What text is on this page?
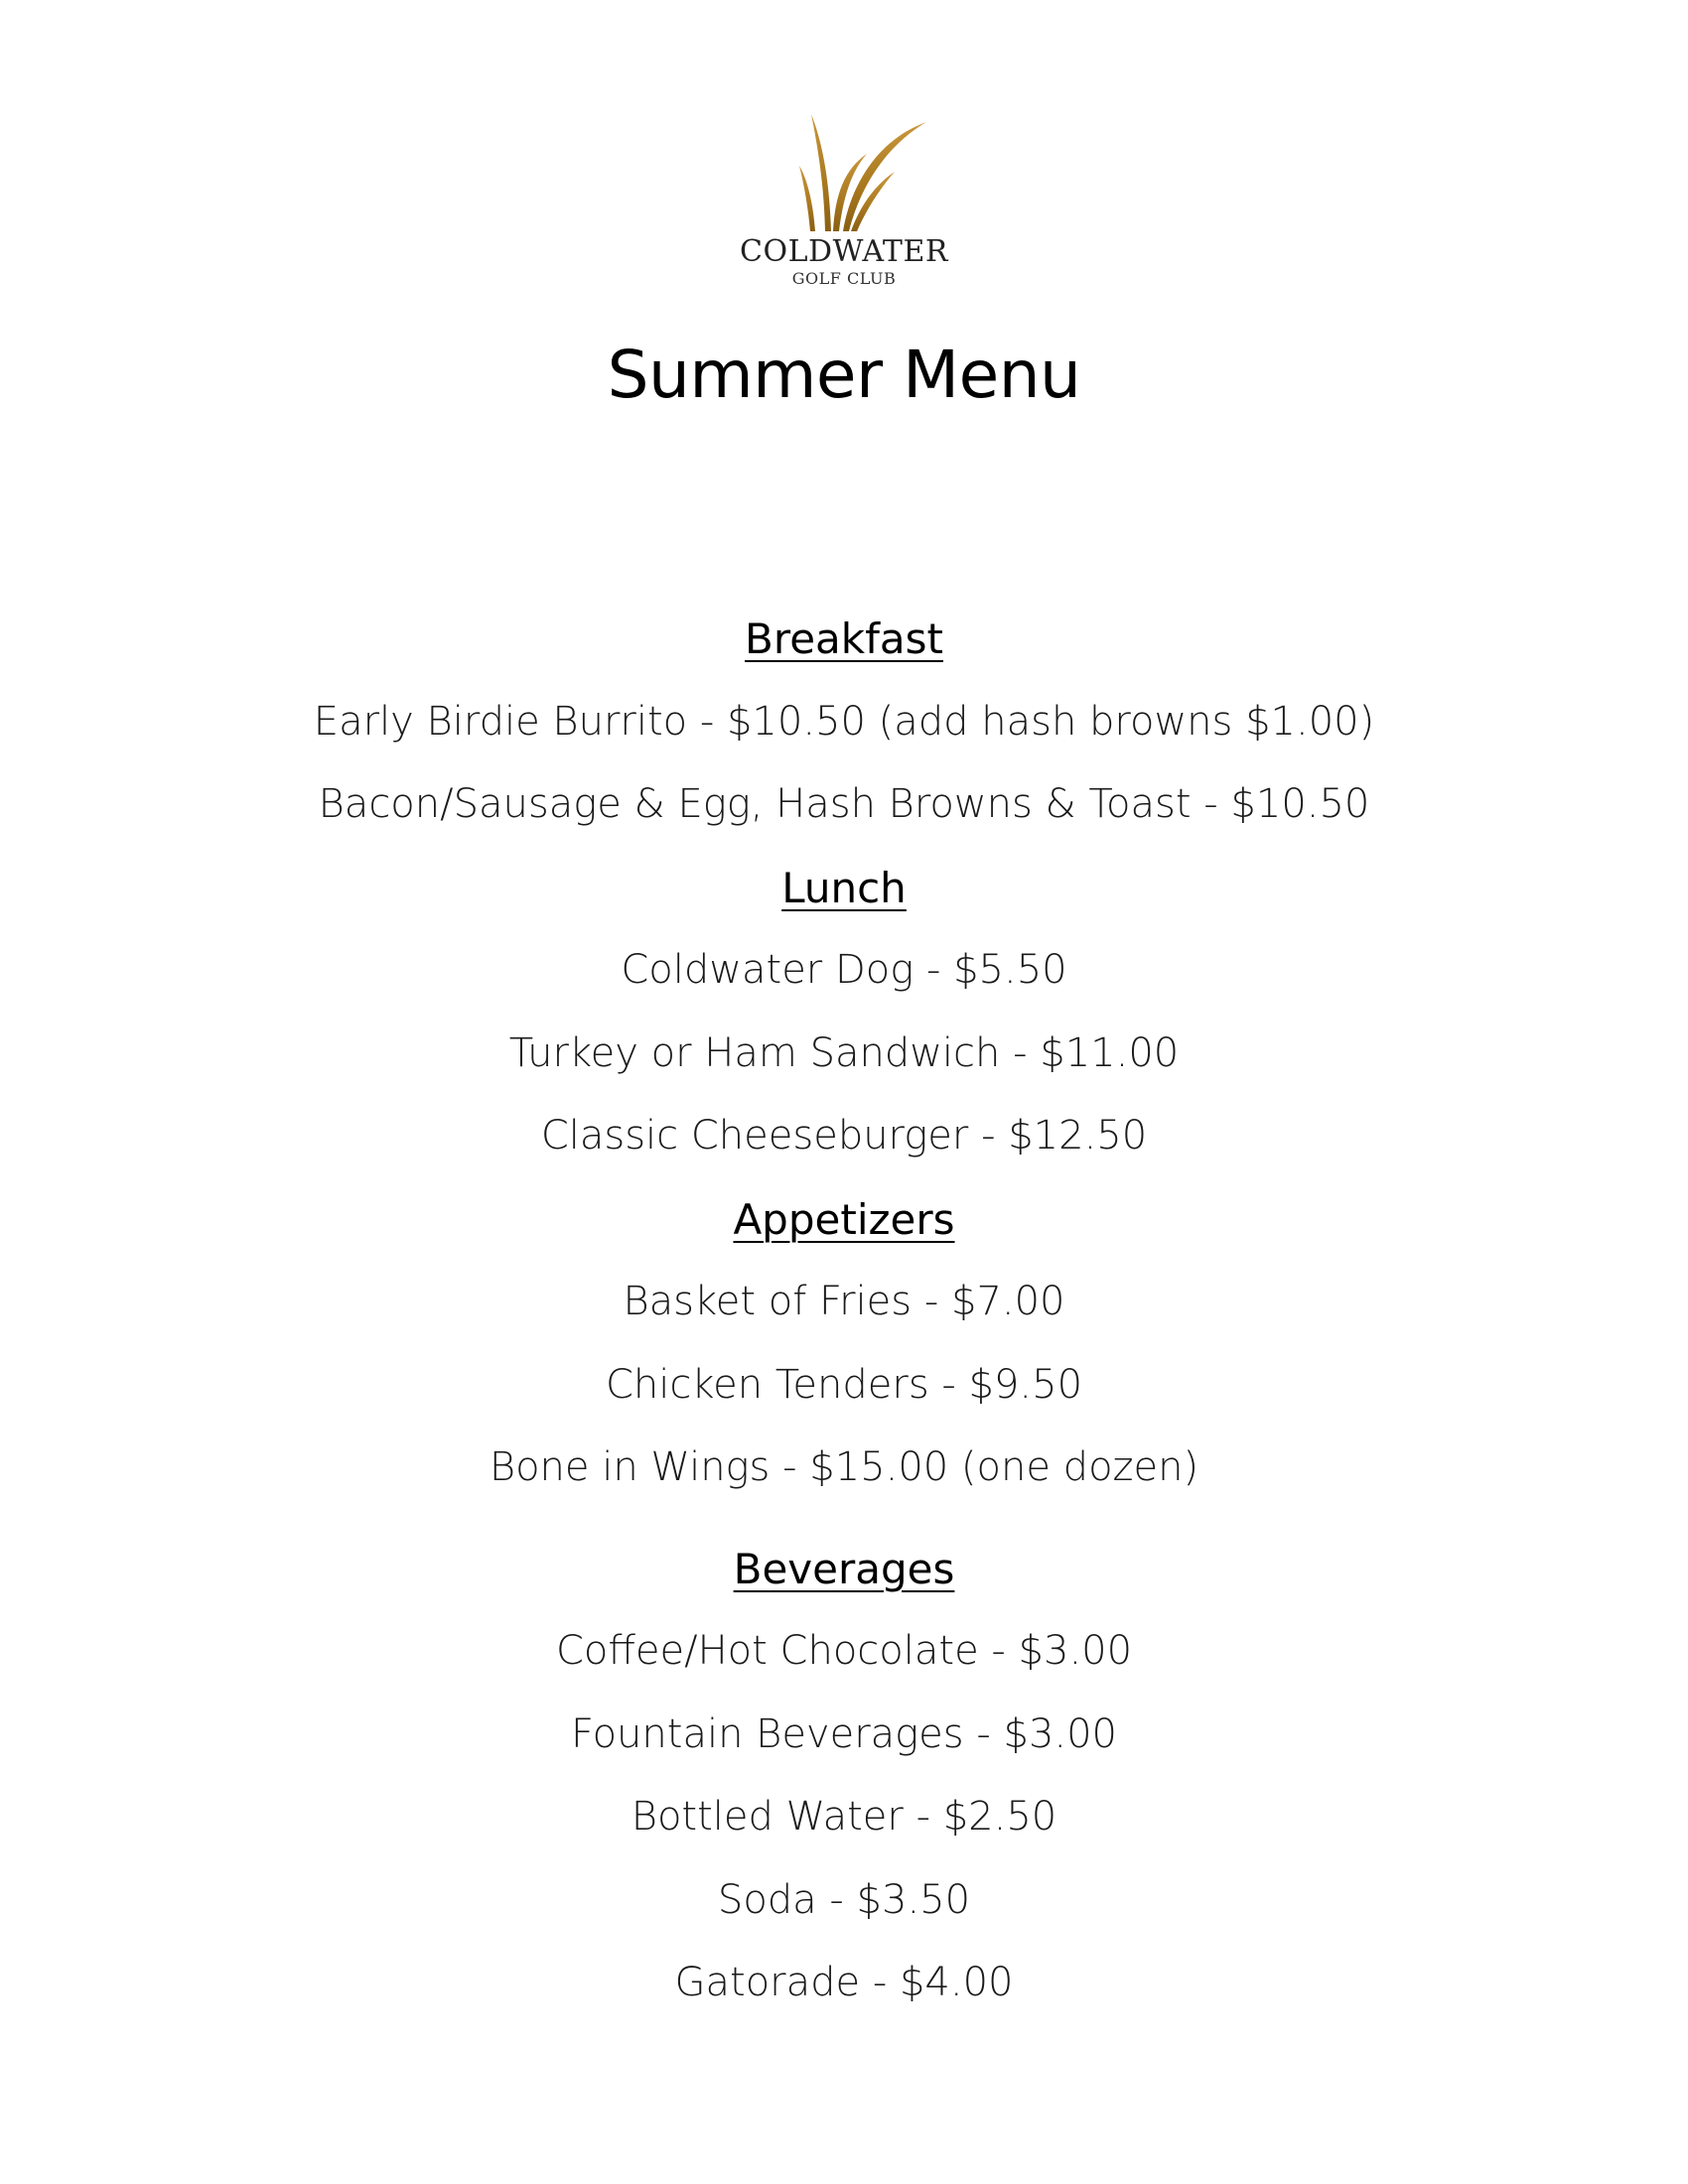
COLDWATER
GOLF CLUB
Summer Menu
Breakfast
Early Birdie Burrito - $10.50 (add hash browns $1.00)
Bacon/Sausage & Egg, Hash Browns & Toast - $10.50
Lunch
Coldwater Dog - $5.50
Turkey or Ham Sandwich - $11.00
Classic Cheeseburger - $12.50
Appetizers
Basket of Fries - $7.00
Chicken Tenders - $9.50
Bone in Wings - $15.00 (one dozen)
Beverages
Coffee/Hot Chocolate - $3.00
Fountain Beverages - $3.00
Bottled Water - $2.50
Soda - $3.50
Gatorade - $4.00
